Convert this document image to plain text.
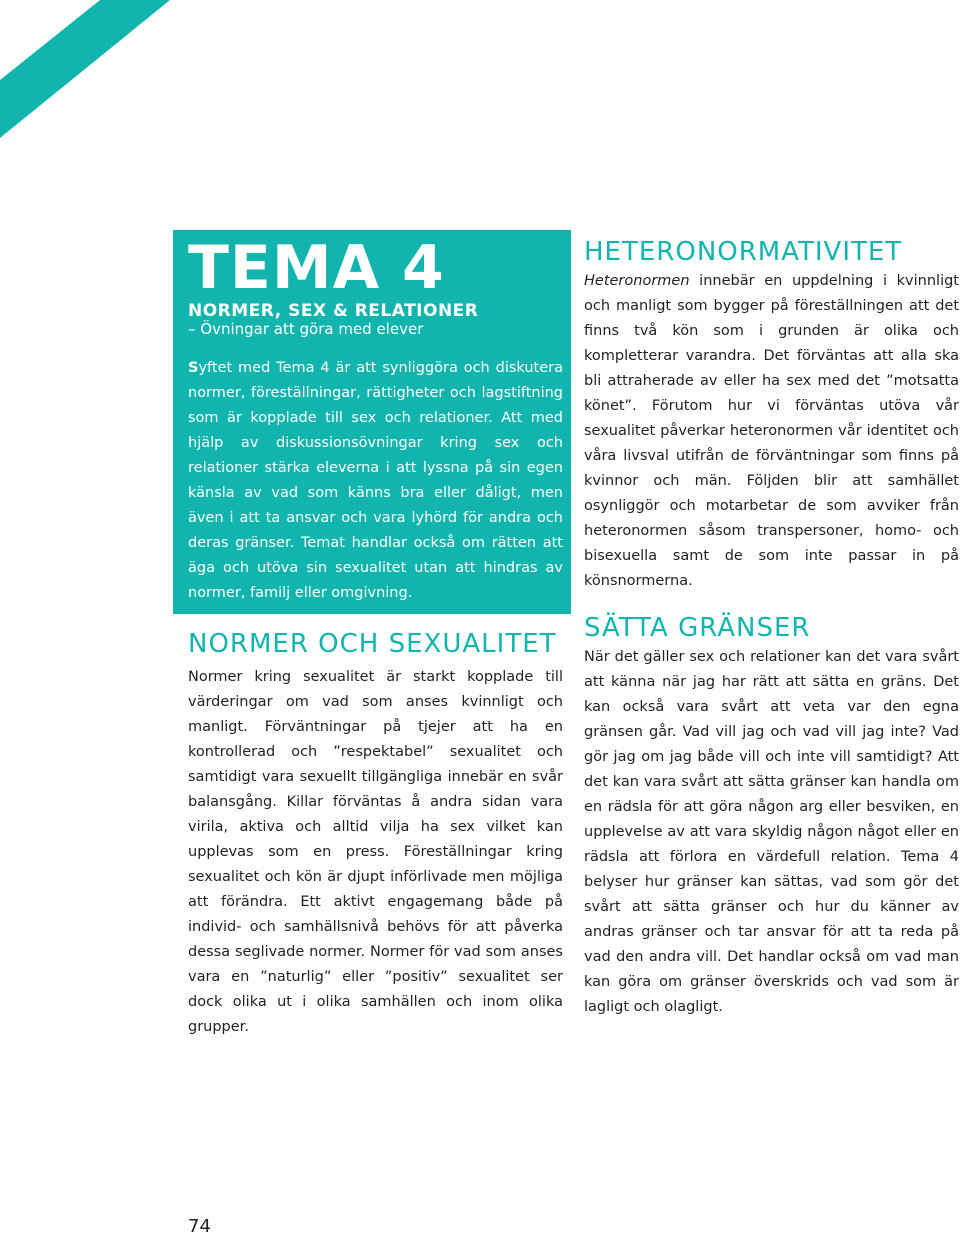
TEMA 4
NORMER, SEX & RELATIONER
– Övningar att göra med elever

Syftet med Tema 4 är att synliggöra och diskutera normer, föreställningar, rättigheter och lagstiftning som är kopplade till sex och relationer. Att med hjälp av diskussionsövningar kring sex och relationer stärka eleverna i att lyssna på sin egen känsla av vad som känns bra eller dåligt, men även i att ta ansvar och vara lyhörd för andra och deras gränser. Temat handlar också om rätten att äga och utöva sin sexualitet utan att hindras av normer, familj eller omgivning.

NORMER OCH SEXUALITET

Normer kring sexualitet är starkt kopplade till värderingar om vad som anses kvinnligt och manligt. Förväntningar på tjejer att ha en kontrollerad och ”respektabel” sexualitet och samtidigt vara sexuellt tillgängliga innebär en svår balansgång. Killar förväntas å andra sidan vara virila, aktiva och alltid vilja ha sex vilket kan upplevas som en press. Föreställningar kring sexualitet och kön är djupt införlivade men möjliga att förändra. Ett aktivt engagemang både på individ- och samhällsnivå behövs för att påverka dessa seglivade normer. Normer för vad som anses vara en ”naturlig” eller ”positiv” sexualitet ser dock olika ut i olika samhällen och inom olika grupper.

HETERONORMATIVITET

Heteronormen innebär en uppdelning i kvinnligt och manligt som bygger på föreställningen att det finns två kön som i grunden är olika och kompletterar varandra. Det förväntas att alla ska bli attraherade av eller ha sex med det ”motsatta könet”. Förutom hur vi förväntas utöva vår sexualitet påverkar heteronormen vår identitet och våra livsval utifrån de förväntningar som finns på kvinnor och män. Följden blir att samhället osynliggör och motarbetar de som avviker från heteronormen såsom transpersoner, homo- och bisexuella samt de som inte passar in på könsnormerna.

SÄTTA GRÄNSER

När det gäller sex och relationer kan det vara svårt att känna när jag har rätt att sätta en gräns. Det kan också vara svårt att veta var den egna gränsen går. Vad vill jag och vad vill jag inte? Vad gör jag om jag både vill och inte vill samtidigt? Att det kan vara svårt att sätta gränser kan handla om en rädsla för att göra någon arg eller besviken, en upplevelse av att vara skyldig någon något eller en rädsla att förlora en värdefull relation. Tema 4 belyser hur gränser kan sättas, vad som gör det svårt att sätta gränser och hur du känner av andras gränser och tar ansvar för att ta reda på vad den andra vill. Det handlar också om vad man kan göra om gränser överskrids och vad som är lagligt och olagligt.

74
